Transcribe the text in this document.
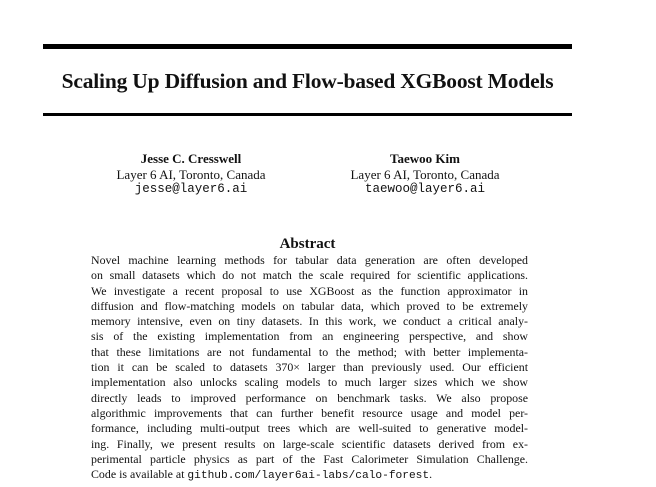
Scaling Up Diffusion and Flow-based XGBoost Models
Jesse C. Cresswell
Layer 6 AI, Toronto, Canada
jesse@layer6.ai
Taewoo Kim
Layer 6 AI, Toronto, Canada
taewoo@layer6.ai
Abstract
Novel machine learning methods for tabular data generation are often developed
on small datasets which do not match the scale required for scientific applications.
We investigate a recent proposal to use XGBoost as the function approximator in
diffusion and flow-matching models on tabular data, which proved to be extremely
memory intensive, even on tiny datasets. In this work, we conduct a critical analy-
sis of the existing implementation from an engineering perspective, and show
that these limitations are not fundamental to the method; with better implementa-
tion it can be scaled to datasets 370× larger than previously used. Our efficient
implementation also unlocks scaling models to much larger sizes which we show
directly leads to improved performance on benchmark tasks. We also propose
algorithmic improvements that can further benefit resource usage and model per-
formance, including multi-output trees which are well-suited to generative model-
ing. Finally, we present results on large-scale scientific datasets derived from ex-
perimental particle physics as part of the Fast Calorimeter Simulation Challenge.
Code is available at github.com/layer6ai-labs/calo-forest.
